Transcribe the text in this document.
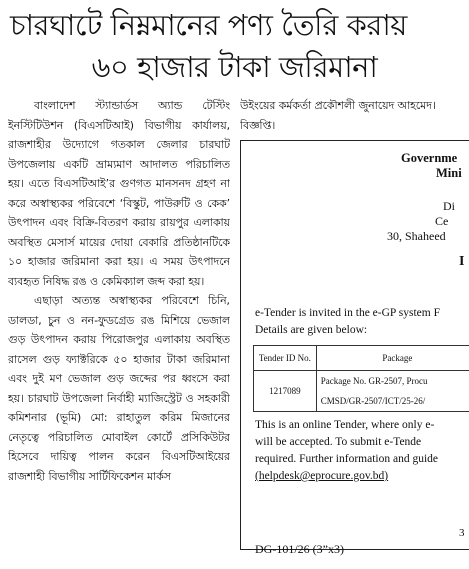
চারঘাটে নিম্নমানের পণ্য তৈরি করায়
৬০ হাজার টাকা জরিমানা

বাংলাদেশ স্ট্যান্ডার্ডস অ্যান্ড টেস্টিং ইনস্টিটিউশন (বিএসটিআই) বিভাগীয় কার্যালয়, রাজশাহীর উদ্যোগে গতকাল জেলার চারঘাট উপজেলায় একটি ভ্রাম্যমাণ আদালত পরিচালিত হয়। এতে বিএসটিআই’র গুণগত মানসনদ গ্রহণ না করে অস্বাস্থ্যকর পরিবেশে ‘বিস্কুট, পাউরুটি ও কেক’ উৎপাদন এবং বিক্রি-বিতরণ করায় রায়পুর এলাকায় অবস্থিত মেসার্স মায়ের দোয়া বেকারি প্রতিষ্ঠানটিকে ১০ হাজার জরিমানা করা হয়। এ সময় উৎপাদনে ব্যবহৃত নিষিদ্ধ রঙ ও কেমিক্যাল জব্দ করা হয়।

এছাড়া অত্যন্ত অস্বাস্থ্যকর পরিবেশে চিনি, ডালডা, চুন ও নন-ফুডগ্রেড রঙ মিশিয়ে ভেজাল গুড় উৎপাদন করায় পিরোজপুর এলাকায় অবস্থিত রাসেল গুড় ফ্যাক্টরিকে ৫০ হাজার টাকা জরিমানা এবং দুই মণ ভেজাল গুড় জব্দের পর ধ্বংসে করা হয়। চারঘাট উপজেলা নির্বাহী ম্যাজিস্ট্রেট ও সহকারী কমিশনার (ভূমি) মো: রাহাতুল করিম মিজানের নেতৃত্বে পরিচালিত মোবাইল কোর্টে প্রসিকিউটর হিসেবে দায়িত্ব পালন করেন বিএসটিআইয়ের রাজশাহী বিভাগীয় সার্টিফিকেশন মার্কস

উইংয়ের কর্মকর্তা প্রকৌশলী জুনায়েদ আহমেদ। বিজ্ঞপ্তি।

Governme
Mini
Di
Ce
30, Shaheed
I
e-Tender is invited in the e-GP system F
Details are given below:
Tender ID No.	Package
1217089	Package No. GR-2507, Procu
	CMSD/GR-2507/ICT/25-26/
This is an online Tender, where only e-
will be accepted. To submit e-Tende
required. Further information and guide
(helpdesk@eprocure.gov.bd)
3
DG-101/26 (3”x3)
